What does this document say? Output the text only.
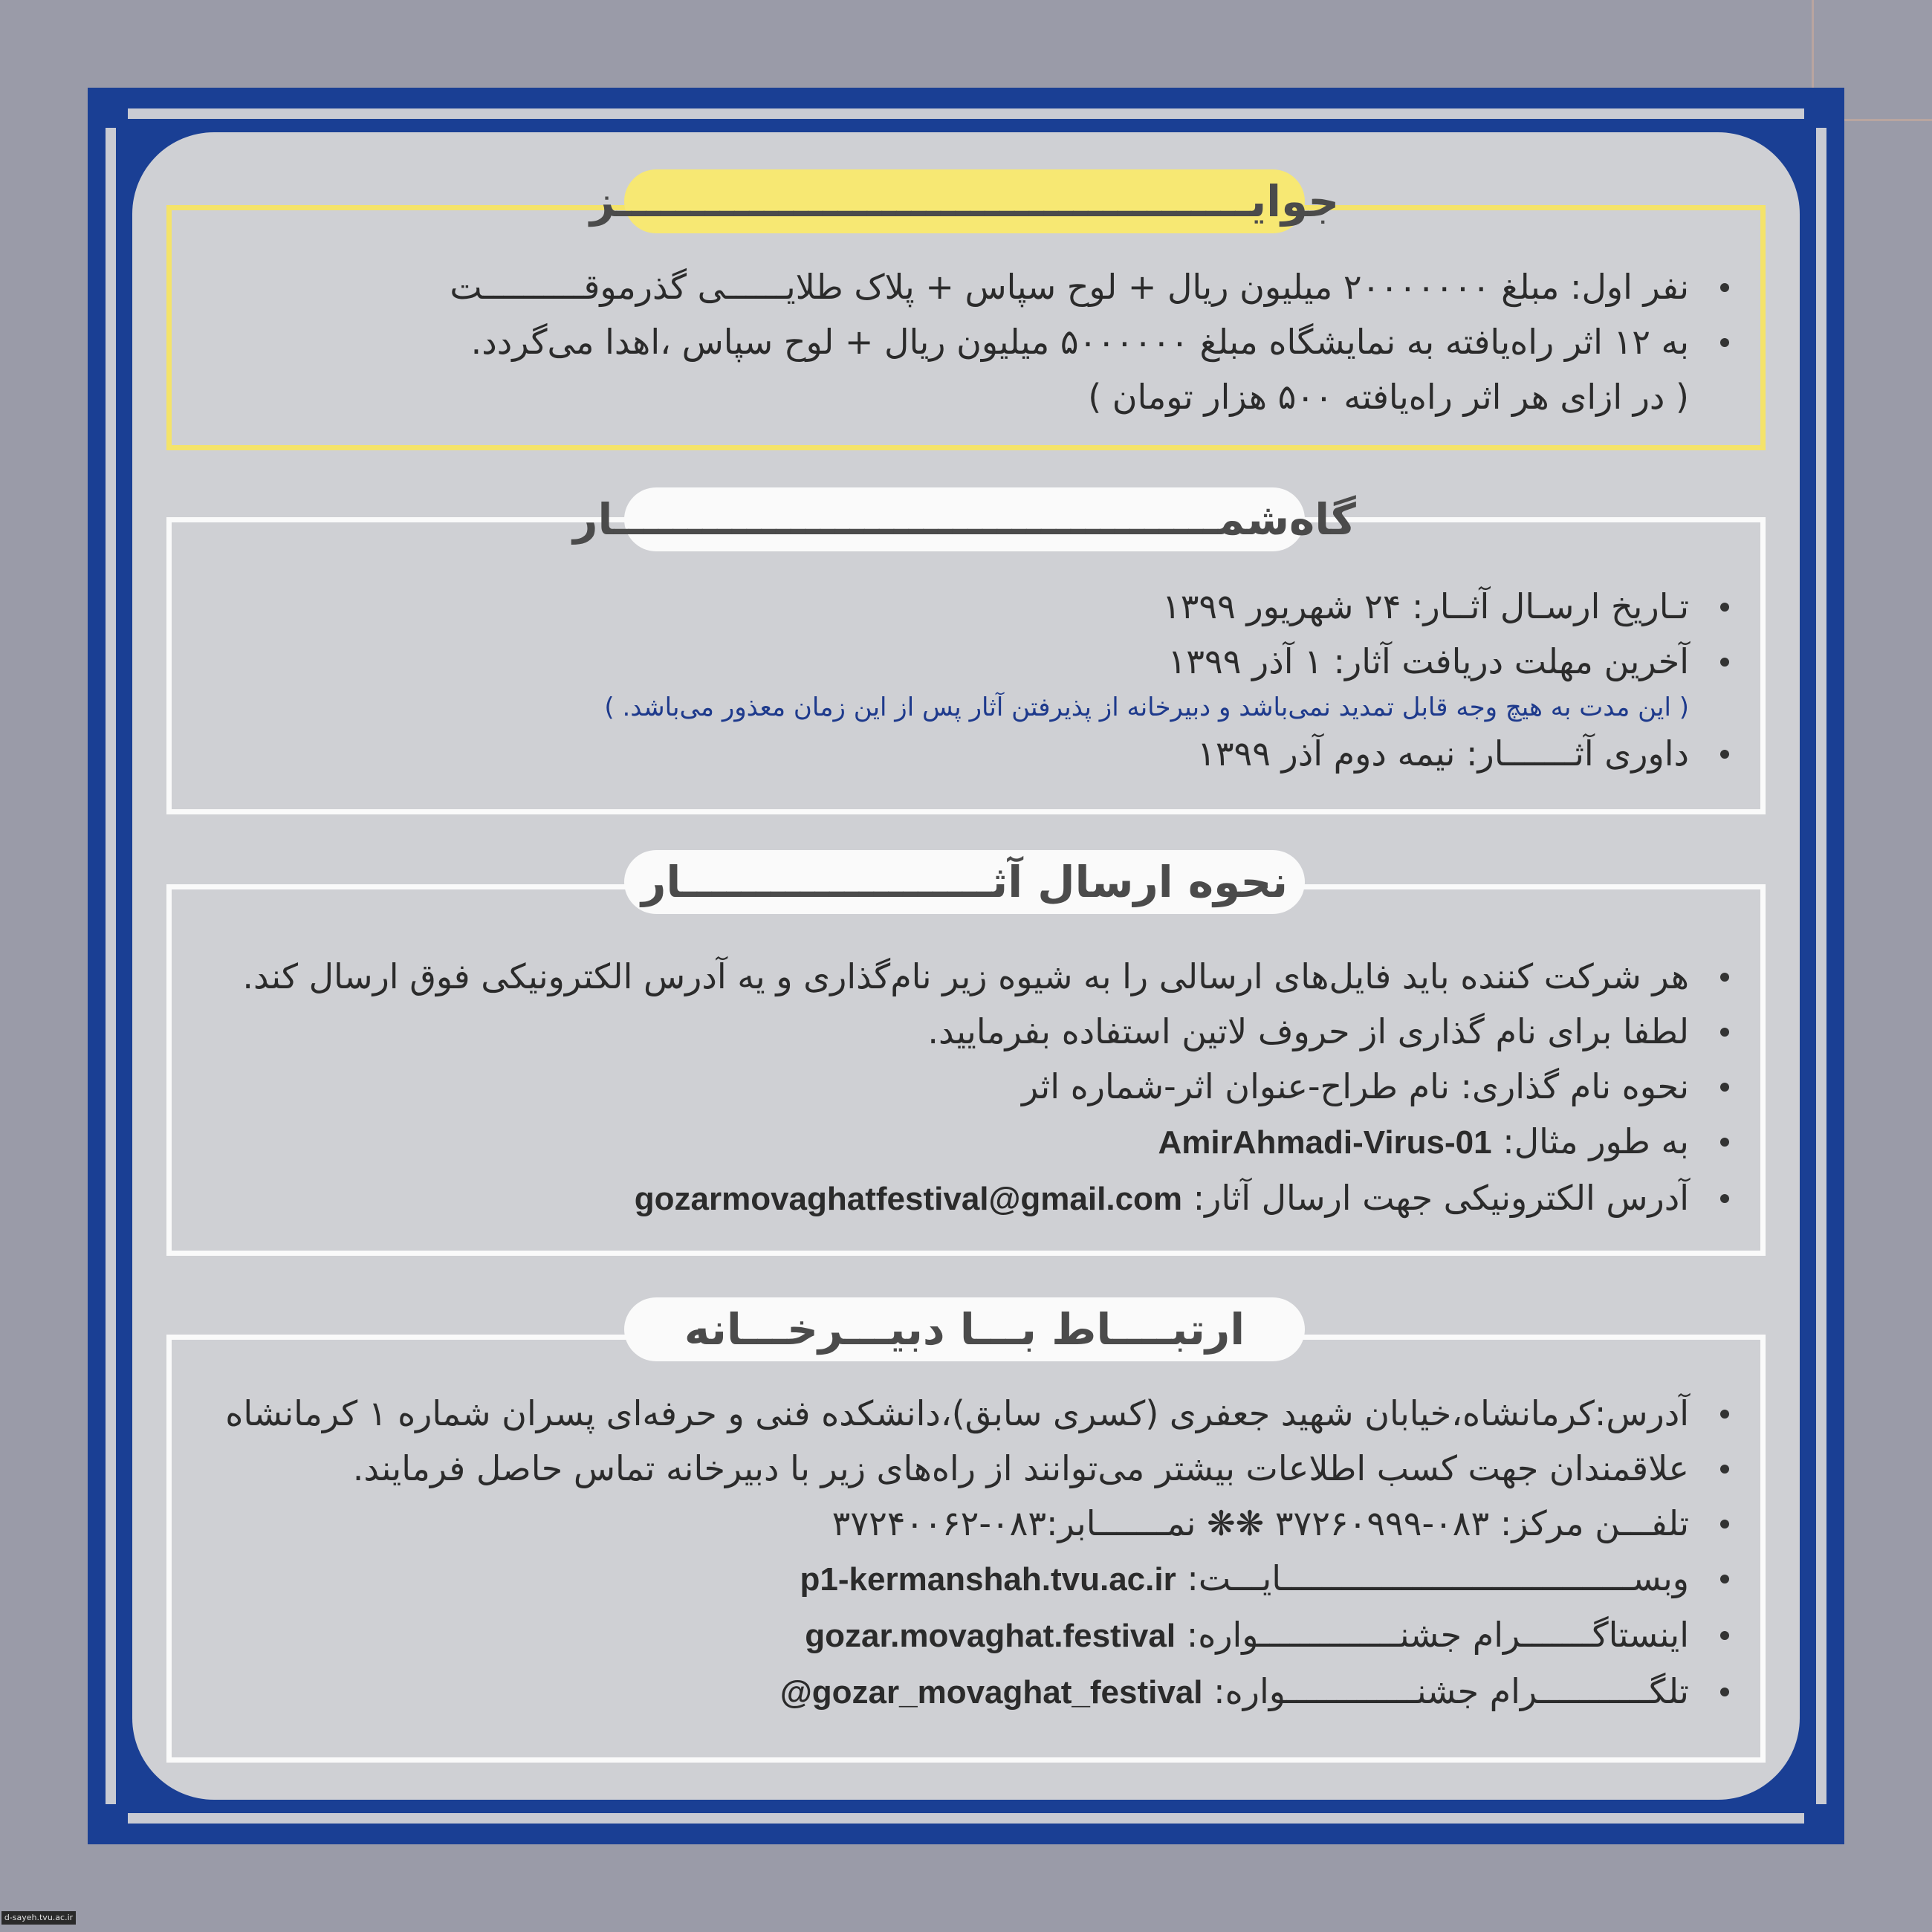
نفر اول: مبلغ ۲۰۰۰۰۰۰۰ میلیون ریال + لوح سپاس + پلاک طلایــــــی گذرموقــــــــــت
به ۱۲ اثر راه‌یافته به نمایشگاه مبلغ ۵۰۰۰۰۰۰ میلیون ریال + لوح سپاس ،اهدا می‌گردد.
( در ازای هر اثر راه‌یافته ۵۰۰ هزار تومان )
جوایـــــــــــــــــــــــــــــــــــــــــــز
تـاریخ ارسـال آثــار: ۲۴ شهریور ۱۳۹۹
آخرین مهلت دریافت آثار: ۱ آذر ۱۳۹۹
( این مدت به هیچ وجه قابل تمدید نمی‌باشد و دبیرخانه از پذیرفتن آثار پس از این زمان معذور می‌باشد. )
داوری آثـــــــار: نیمه دوم آذر ۱۳۹۹
گاه‌شمـــــــــــــــــــــــــــــــــــــــــار
هر شرکت کننده باید فایل‌های ارسالی را به شیوه زیر نام‌گذاری و یه آدرس الکترونیکی فوق ارسال کند.
لطفا برای نام گذاری از حروف لاتین استفاده بفرمایید.
نحوه نام گذاری: نام طراح-عنوان اثر-شماره اثر
به طور مثال: AmirAhmadi-Virus-01
آدرس الکترونیکی جهت ارسال آثار: gozarmovaghatfestival@gmail.com
نحوه ارسال آثـــــــــــــــــــــار
آدرس:کرمانشاه،خیابان شهید جعفری (کسری سابق)،دانشکده فنی و حرفه‌ای پسران شماره ۱ کرمانشاه
علاقمندان جهت کسب اطلاعات بیشتر می‌توانند از راه‌های زیر با دبیرخانه تماس حاصل فرمایند.
تلفـــن مرکز: ۰۸۳-۳۷۲۶۰۹۹۹ ❋❋ نمـــــــابر:۰۸۳-۳۷۲۴۰۰۶۲
وبســـــــــــــــــــــــــــــــــــایـــت: p1-kermanshah.tvu.ac.ir
اینستاگـــــــرام جشنــــــــــــــواره: gozar.movaghat.festival
تلگـــــــــــرام جشنـــــــــــــواره: @gozar_movaghat_festival
ارتبــــاط بـــا دبیـــرخـــانه
d-sayeh.tvu.ac.ir
